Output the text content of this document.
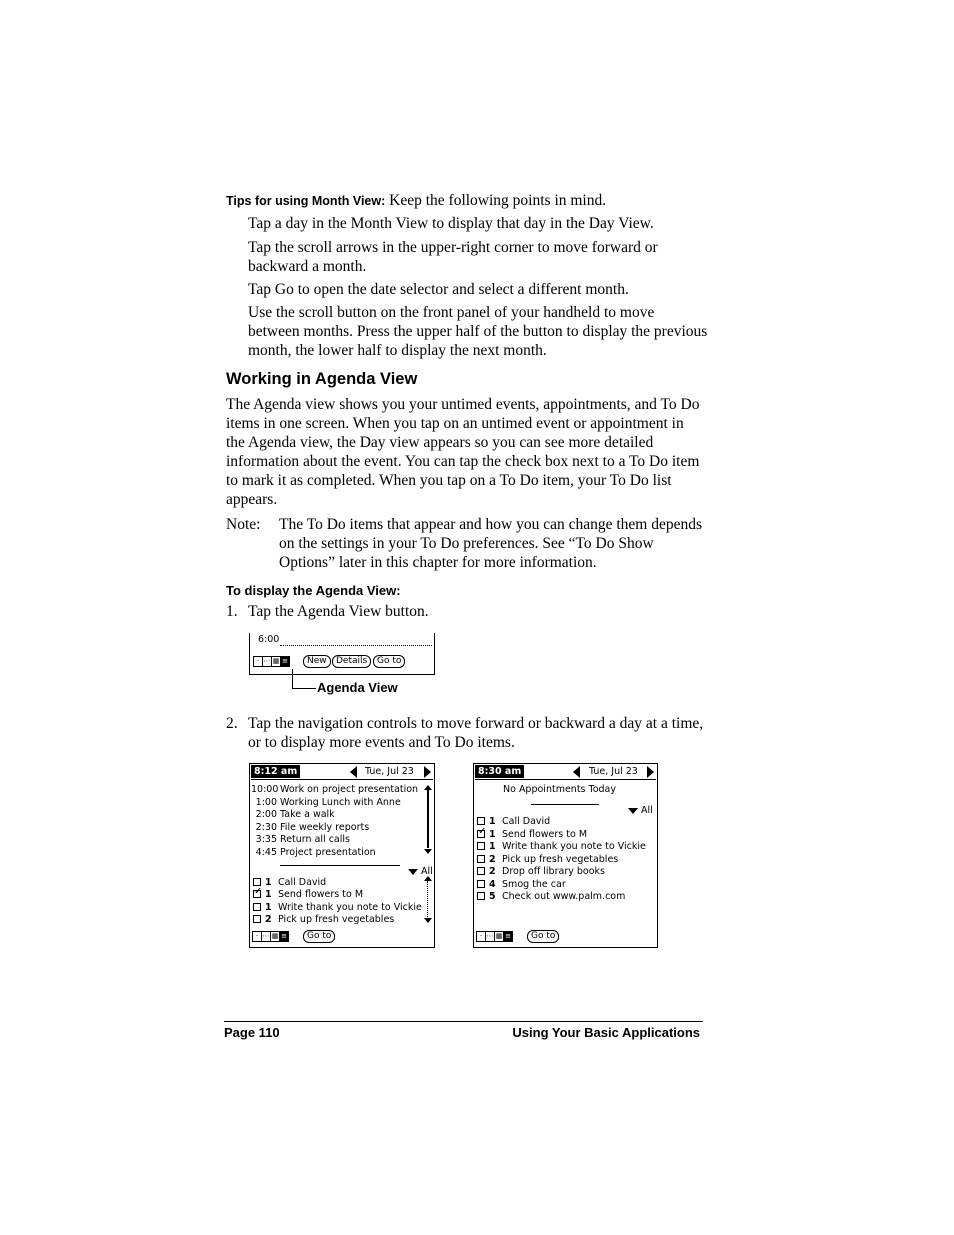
Tips for using Month View: Keep the following points in mind.
Tap a day in the Month View to display that day in the Day View.
Tap the scroll arrows in the upper-right corner to move forward or backward a month.
Tap Go to open the date selector and select a different month.
Use the scroll button on the front panel of your handheld to move between months. Press the upper half of the button to display the previous month, the lower half to display the next month.
Working in Agenda View
The Agenda view shows you your untimed events, appointments, and To Do items in one screen. When you tap on an untimed event or appointment in the Agenda view, the Day view appears so you can see more detailed information about the event. You can tap the check box next to a To Do item to mark it as completed. When you tap on a To Do item, your To Do list appears.
Note: The To Do items that appear and how you can change them depends on the settings in your To Do preferences. See “To Do Show Options” later in this chapter for more information.
To display the Agenda View:
1. Tap the Agenda View button.
6:00
· ⋯ ▦ ≡	New	Details	Go to
Agenda View
2. Tap the navigation controls to move forward or backward a day at a time, or to display more events and To Do items.
8:12 am	Tue, Jul 23
10:00 Work on project presentation
1:00 Working Lunch with Anne
2:00 Take a walk
2:30 File weekly reports
3:35 Return all calls
4:45 Project presentation
All
1 Call David
✓1 Send flowers to M
1 Write thank you note to Vickie
2 Pick up fresh vegetables
· ⋯ ▦ ≡	Go to
8:30 am	Tue, Jul 23
No Appointments Today
All
1 Call David
✓1 Send flowers to M
1 Write thank you note to Vickie
2 Pick up fresh vegetables
2 Drop off library books
4 Smog the car
5 Check out www.palm.com
· ⋯ ▦ ≡	Go to
Page 110	Using Your Basic Applications
